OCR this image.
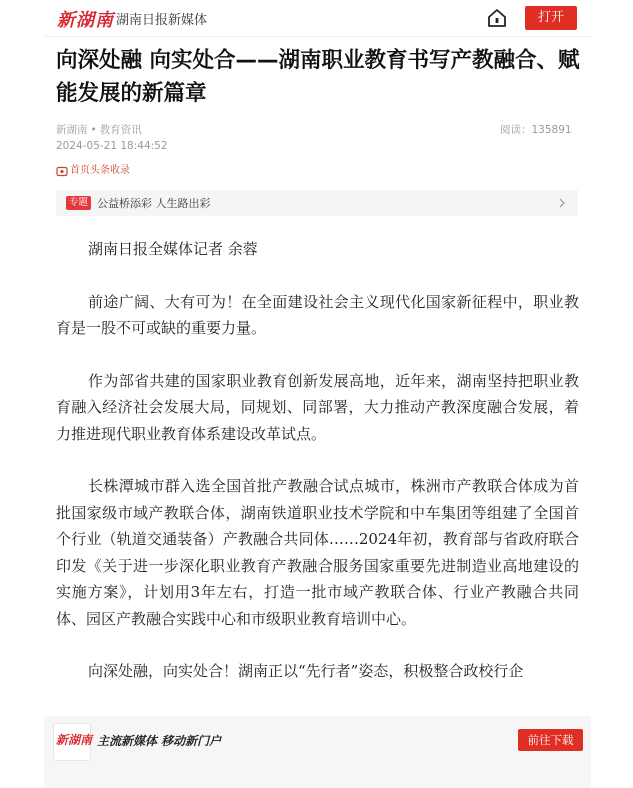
新湖南 湖南日报新媒体	打开
向深处融 向实处合——湖南职业教育书写产教融合、赋能发展的新篇章
新湖南 • 教育资讯
2024-05-21 18:44:52
阅读：135891
首页头条收录
专题 公益桥添彩 人生路出彩

湖南日报全媒体记者 余蓉

前途广阔、大有可为！在全面建设社会主义现代化国家新征程中，职业教育是一股不可或缺的重要力量。

作为部省共建的国家职业教育创新发展高地，近年来，湖南坚持把职业教育融入经济社会发展大局，同规划、同部署，大力推动产教深度融合发展，着力推进现代职业教育体系建设改革试点。

长株潭城市群入选全国首批产教融合试点城市，株洲市产教联合体成为首批国家级市域产教联合体，湖南铁道职业技术学院和中车集团等组建了全国首个行业（轨道交通装备）产教融合共同体……2024年初，教育部与省政府联合印发《关于进一步深化职业教育产教融合服务国家重要先进制造业高地建设的实施方案》，计划用3年左右，打造一批市域产教联合体、行业产教融合共同体、园区产教融合实践中心和市级职业教育培训中心。

向深处融，向实处合！湖南正以“先行者”姿态，积极整合政校行企

新湖南 主流新媒体 移动新门户	前往下载
